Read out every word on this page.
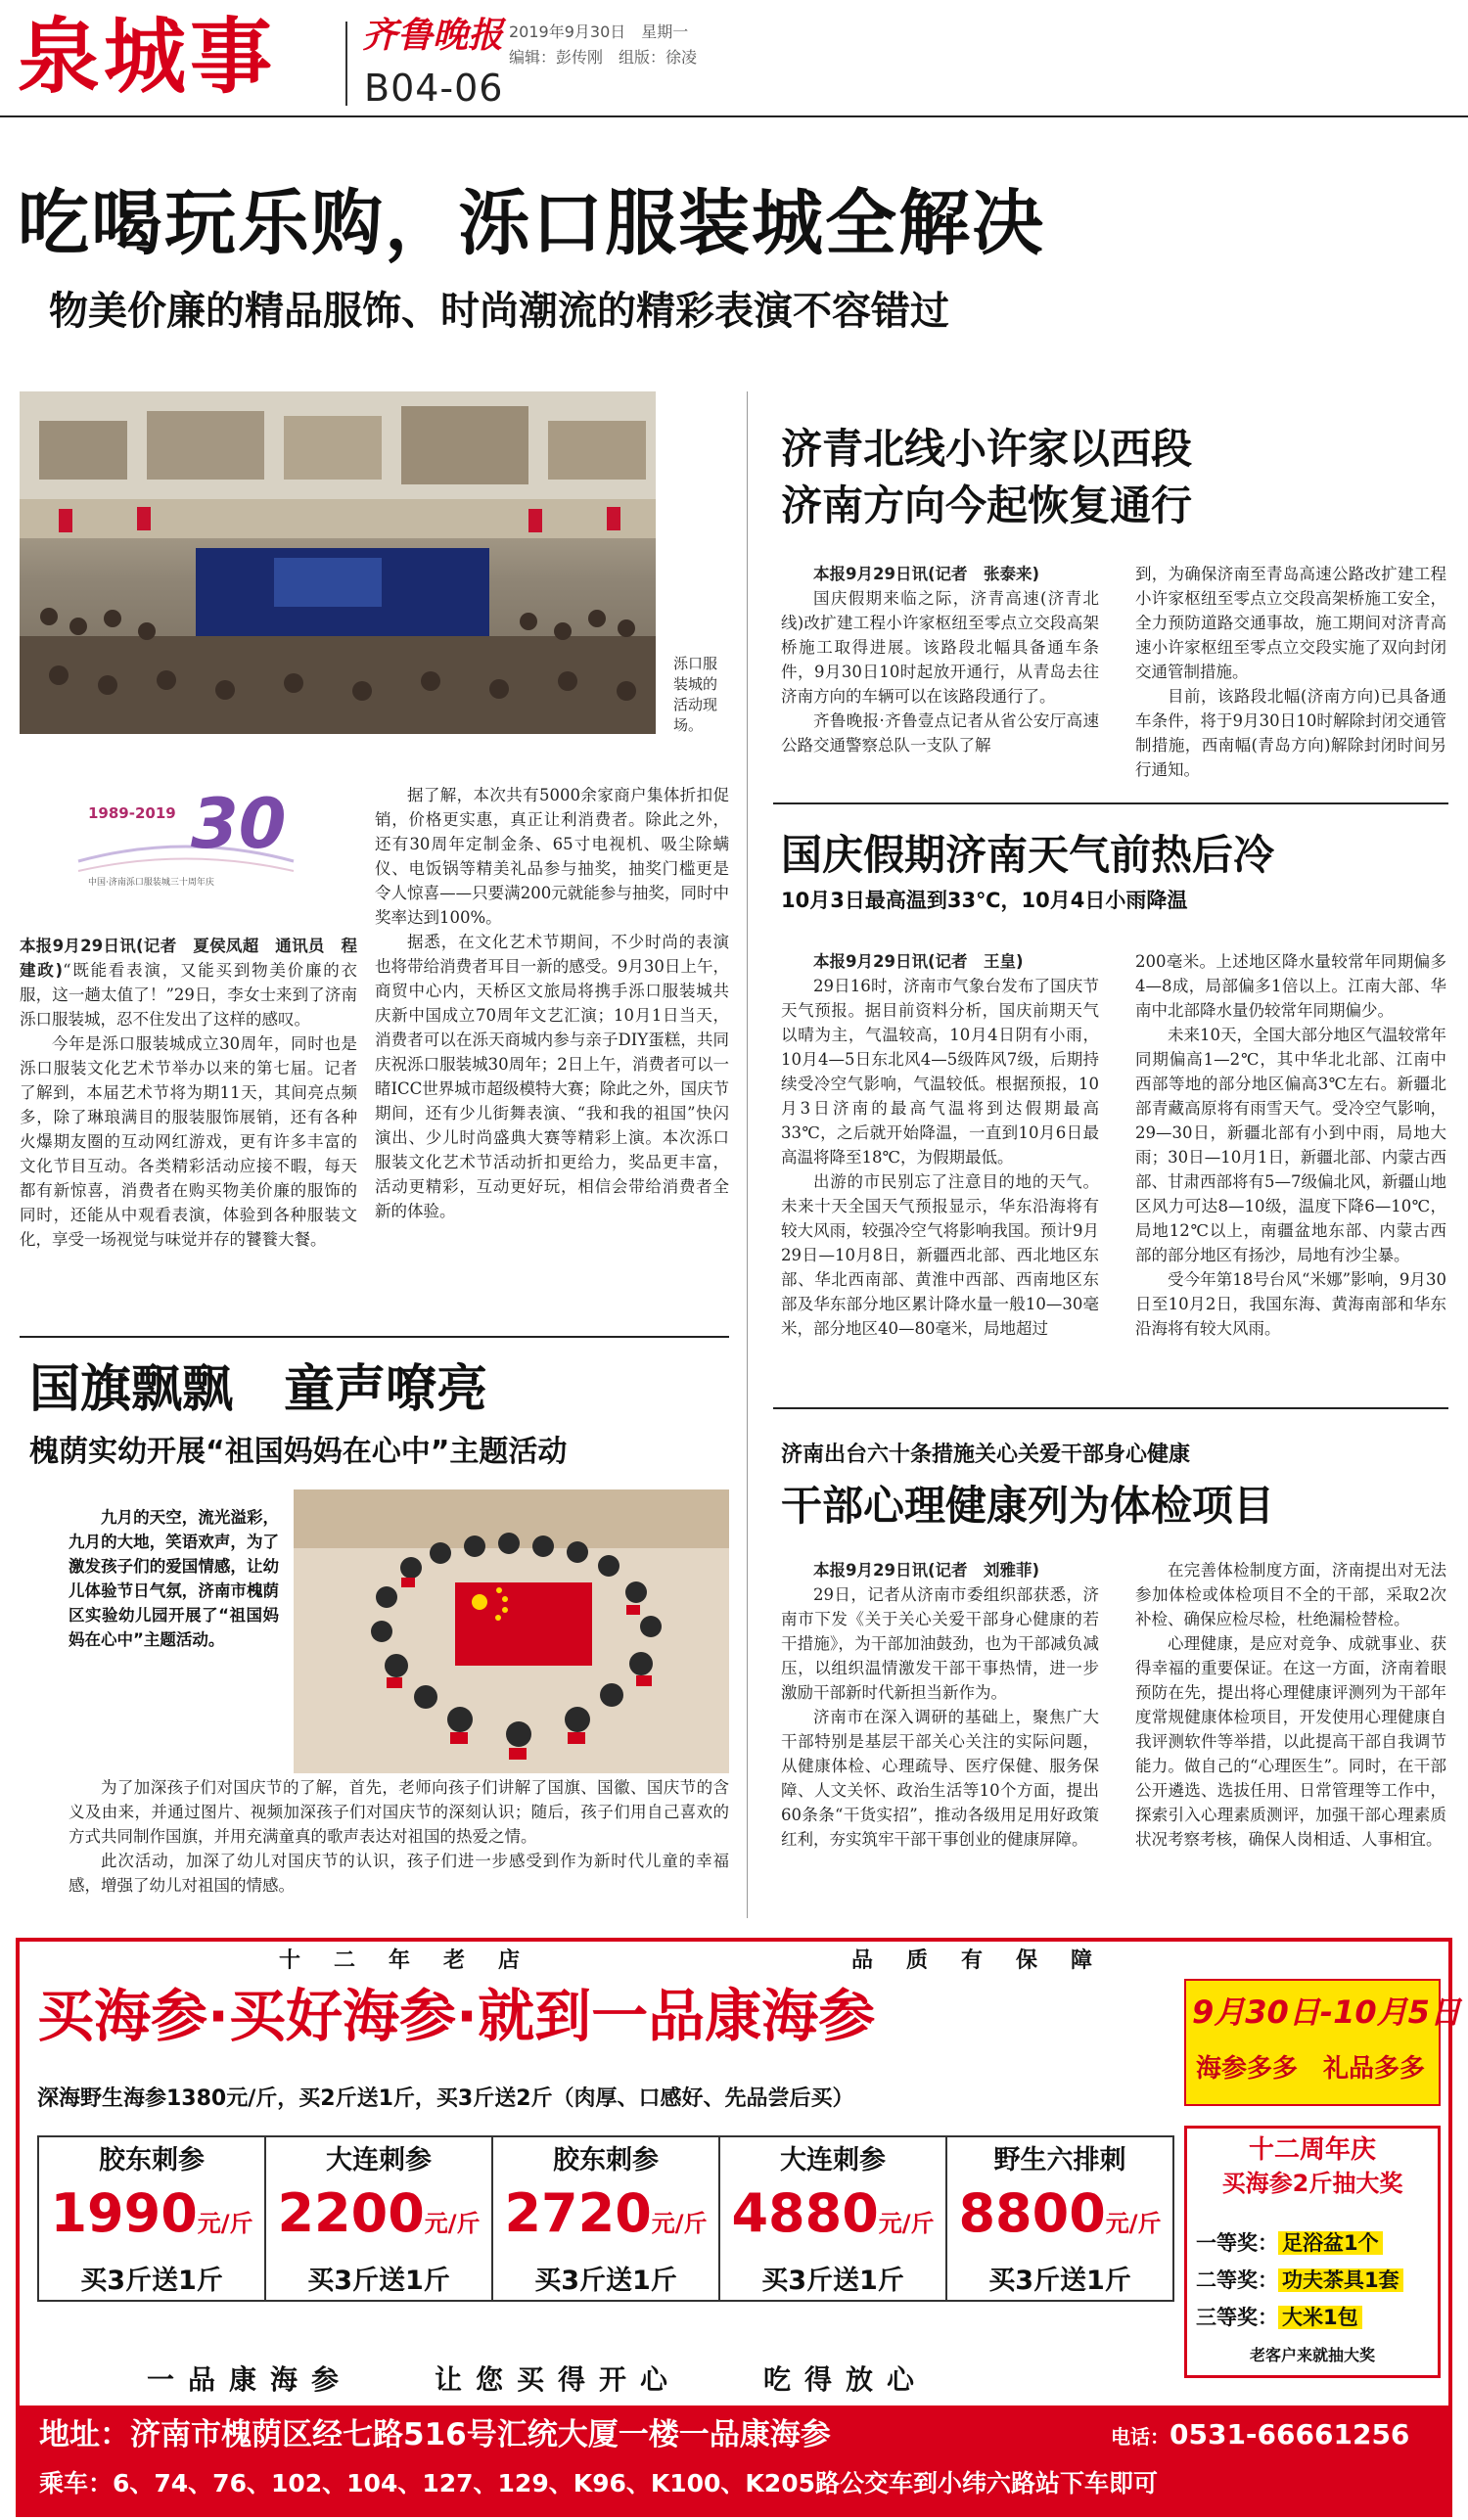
泉城事 齐鲁晚报 2019年9月30日　星期一
编辑：彭传刚　组版：徐凌
B04-06
吃喝玩乐购，泺口服装城全解决
物美价廉的精品服饰、时尚潮流的精彩表演不容错过
泺口服装城的活动现场。
1989-2019 30
中国·济南泺口服装城三十周年庆
本报9月29日讯(记者　夏侯凤超　通讯员　程建政)“既能看表演，又能买到物美价廉的衣服，这一趟太值了！”29日，李女士来到了济南泺口服装城，忍不住发出了这样的感叹。

今年是泺口服装城成立30周年，同时也是泺口服装文化艺术节举办以来的第七届。记者了解到，本届艺术节将为期11天，其间亮点频多，除了琳琅满目的服装服饰展销，还有各种火爆期友圈的互动网红游戏，更有许多丰富的文化节目互动。各类精彩活动应接不暇，每天都有新惊喜，消费者在购买物美价廉的服饰的同时，还能从中观看表演，体验到各种服装文化，享受一场视觉与味觉并存的饕餮大餐。

据了解，本次共有5000余家商户集体折扣促销，价格更实惠，真正让利消费者。除此之外，还有30周年定制金条、65寸电视机、吸尘除螨仪、电饭锅等精美礼品参与抽奖，抽奖门槛更是令人惊喜——只要满200元就能参与抽奖，同时中奖率达到100%。

据悉，在文化艺术节期间，不少时尚的表演也将带给消费者耳目一新的感受。9月30日上午，商贸中心内，天桥区文旅局将携手泺口服装城共庆新中国成立70周年文艺汇演；10月1日当天，消费者可以在泺天商城内参与亲子DIY蛋糕，共同庆祝泺口服装城30周年；2日上午，消费者可以一睹ICC世界城市超级模特大赛；除此之外，国庆节期间，还有少儿街舞表演、“我和我的祖国”快闪演出、少儿时尚盛典大赛等精彩上演。本次泺口服装文化艺术节活动折扣更给力，奖品更丰富，活动更精彩，互动更好玩，相信会带给消费者全新的体验。

国旗飘飘　童声嘹亮
槐荫实幼开展“祖国妈妈在心中”主题活动
九月的天空，流光溢彩，九月的大地，笑语欢声，为了激发孩子们的爱国情感，让幼儿体验节日气氛，济南市槐荫区实验幼儿园开展了“祖国妈妈在心中”主题活动。

为了加深孩子们对国庆节的了解，首先，老师向孩子们讲解了国旗、国徽、国庆节的含义及由来，并通过图片、视频加深孩子们对国庆节的深刻认识；随后，孩子们用自己喜欢的方式共同制作国旗，并用充满童真的歌声表达对祖国的热爱之情。

此次活动，加深了幼儿对国庆节的认识，孩子们进一步感受到作为新时代儿童的幸福感，增强了幼儿对祖国的情感。

济青北线小许家以西段
济南方向今起恢复通行
本报9月29日讯(记者　张泰来)

国庆假期来临之际，济青高速(济青北线)改扩建工程小许家枢纽至零点立交段高架桥施工取得进展。该路段北幅具备通车条件，9月30日10时起放开通行，从青岛去往济南方向的车辆可以在该路段通行了。

齐鲁晚报·齐鲁壹点记者从省公安厅高速公路交通警察总队一支队了解

到，为确保济南至青岛高速公路改扩建工程小许家枢纽至零点立交段高架桥施工安全，全力预防道路交通事故，施工期间对济青高速小许家枢纽至零点立交段实施了双向封闭交通管制措施。

目前，该路段北幅(济南方向)已具备通车条件，将于9月30日10时解除封闭交通管制措施，西南幅(青岛方向)解除封闭时间另行通知。

国庆假期济南天气前热后冷
10月3日最高温到33℃，10月4日小雨降温
本报9月29日讯(记者　王皇)

29日16时，济南市气象台发布了国庆节天气预报。据目前资料分析，国庆前期天气以晴为主，气温较高，10月4日阴有小雨，10月4—5日东北风4—5级阵风7级，后期持续受冷空气影响，气温较低。根据预报，10月3日济南的最高气温将到达假期最高33℃，之后就开始降温，一直到10月6日最高温将降至18℃，为假期最低。

出游的市民别忘了注意目的地的天气。未来十天全国天气预报显示，华东沿海将有较大风雨，较强冷空气将影响我国。预计9月29日—10月8日，新疆西北部、西北地区东部、华北西南部、黄淮中西部、西南地区东部及华东部分地区累计降水量一般10—30毫米，部分地区40—80毫米，局地超过

200毫米。上述地区降水量较常年同期偏多4—8成，局部偏多1倍以上。江南大部、华南中北部降水量仍较常年同期偏少。

未来10天，全国大部分地区气温较常年同期偏高1—2℃，其中华北北部、江南中西部等地的部分地区偏高3℃左右。新疆北部青藏高原将有雨雪天气。受冷空气影响，29—30日，新疆北部有小到中雨，局地大雨；30日—10月1日，新疆北部、内蒙古西部、甘肃西部将有5—7级偏北风，新疆山地区风力可达8—10级，温度下降6—10℃，局地12℃以上，南疆盆地东部、内蒙古西部的部分地区有扬沙，局地有沙尘暴。

受今年第18号台风“米娜”影响，9月30日至10月2日，我国东海、黄海南部和华东沿海将有较大风雨。

济南出台六十条措施关心关爱干部身心健康
干部心理健康列为体检项目
本报9月29日讯(记者　刘雅菲)

29日，记者从济南市委组织部获悉，济南市下发《关于关心关爱干部身心健康的若干措施》，为干部加油鼓劲，也为干部减负减压，以组织温情激发干部干事热情，进一步激励干部新时代新担当新作为。

济南市在深入调研的基础上，聚焦广大干部特别是基层干部关心关注的实际问题，从健康体检、心理疏导、医疗保健、服务保障、人文关怀、政治生活等10个方面，提出60条条“干货实招”，推动各级用足用好政策红利，夯实筑牢干部干事创业的健康屏障。

在完善体检制度方面，济南提出对无法参加体检或体检项目不全的干部，采取2次补检、确保应检尽检，杜绝漏检替检。

心理健康，是应对竞争、成就事业、获得幸福的重要保证。在这一方面，济南着眼预防在先，提出将心理健康评测列为干部年度常规健康体检项目，开发使用心理健康自我评测软件等举措，以此提高干部自我调节能力。做自己的“心理医生”。同时，在干部公开遴选、选拔任用、日常管理等工作中，探索引入心理素质测评，加强干部心理素质状况考察考核，确保人岗相适、人事相宜。

十二年老店	品质有保障
买海参·买好海参·就到一品康海参	9月30日-10月5日
海参多多　礼品多多
深海野生海参1380元/斤，买2斤送1斤，买3斤送2斤（肉厚、口感好、先品尝后买）
胶东刺参
1990元/斤
买3斤送1斤
大连刺参
2200元/斤
买3斤送1斤
胶东刺参
2720元/斤
买3斤送1斤
大连刺参
4880元/斤
买3斤送1斤
野生六排刺
8800元/斤
买3斤送1斤
十二周年庆
买海参2斤抽大奖
一等奖： 足浴盆1个
二等奖： 功夫茶具1套
三等奖： 大米1包
老客户来就抽大奖
一品康海参　　让您买得开心　　吃得放心
地址：济南市槐荫区经七路516号汇统大厦一楼一品康海参	电话：0531-66661256
乘车：6、74、76、102、104、127、129、K96、K100、K205路公交车到小纬六路站下车即可
